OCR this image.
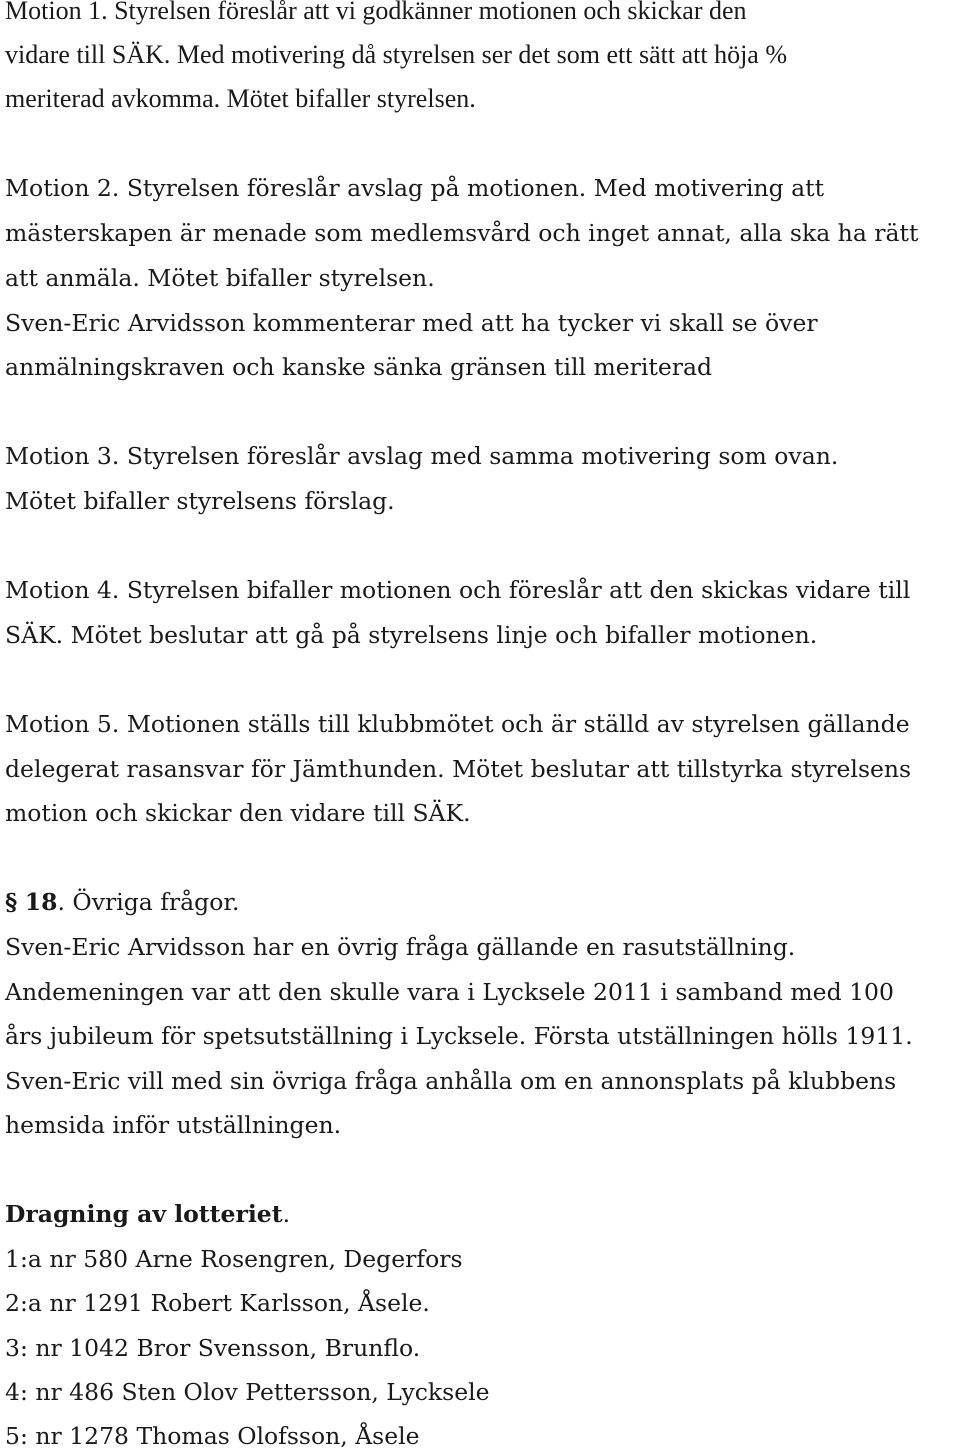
Motion 1. Styrelsen föreslår att vi godkänner motionen och skickar den
vidare till SÄK. Med motivering då styrelsen ser det som ett sätt att höja %
meriterad avkomma. Mötet bifaller styrelsen.
Motion 2. Styrelsen föreslår avslag på motionen. Med motivering att
mästerskapen är menade som medlemsvård och inget annat, alla ska ha rätt
att anmäla. Mötet bifaller styrelsen.
Sven-Eric Arvidsson kommenterar med att ha tycker vi skall se över
anmälningskraven och kanske sänka gränsen till meriterad
Motion 3. Styrelsen föreslår avslag med samma motivering som ovan.
Mötet bifaller styrelsens förslag.
Motion 4. Styrelsen bifaller motionen och föreslår att den skickas vidare till
SÄK. Mötet beslutar att gå på styrelsens linje och bifaller motionen.
Motion 5. Motionen ställs till klubbmötet och är ställd av styrelsen gällande
delegerat rasansvar för Jämthunden. Mötet beslutar att tillstyrka styrelsens
motion och skickar den vidare till SÄK.
§ 18. Övriga frågor.
Sven-Eric Arvidsson har en övrig fråga gällande en rasutställning.
Andemeningen var att den skulle vara i Lycksele 2011 i samband med 100
års jubileum för spetsutställning i Lycksele. Första utställningen hölls 1911.
Sven-Eric vill med sin övriga fråga anhålla om en annonsplats på klubbens
hemsida inför utställningen.
Dragning av lotteriet.
1:a nr 580 Arne Rosengren, Degerfors
2:a nr 1291 Robert Karlsson, Åsele.
3: nr 1042 Bror Svensson, Brunflo.
4: nr 486 Sten Olov Pettersson, Lycksele
5: nr 1278 Thomas Olofsson, Åsele
